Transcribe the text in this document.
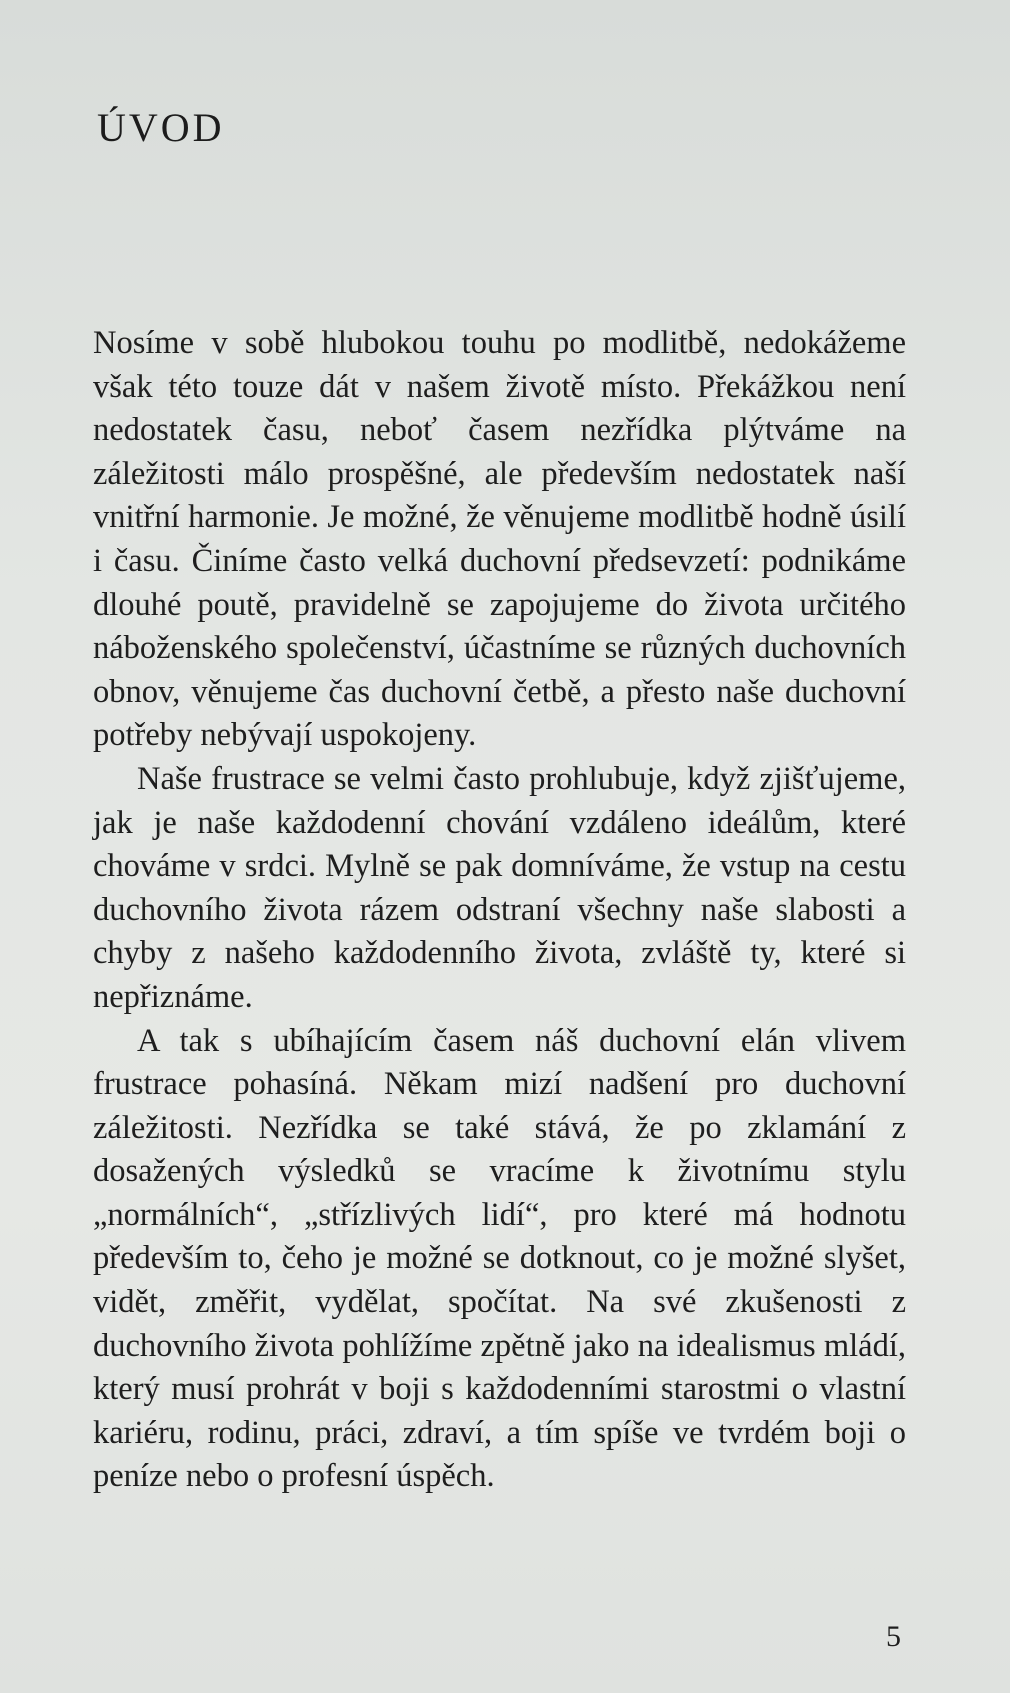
ÚVOD

Nosíme v sobě hlubokou touhu po modlitbě, nedokážeme však této touze dát v našem životě místo. Překážkou není nedostatek času, neboť časem nezřídka plýtváme na záležitosti málo prospěšné, ale především nedostatek naší vnitřní harmonie. Je možné, že věnujeme modlitbě hodně úsilí i času. Činíme často velká duchovní předsevzetí: podnikáme dlouhé poutě, pravidelně se zapojujeme do života určitého náboženského společenství, účastníme se různých duchovních obnov, věnujeme čas duchovní četbě, a přesto naše duchovní potřeby nebývají uspokojeny.

Naše frustrace se velmi často prohlubuje, když zjišťujeme, jak je naše každodenní chování vzdáleno ideálům, které chováme v srdci. Mylně se pak domníváme, že vstup na cestu duchovního života rázem odstraní všechny naše slabosti a chyby z našeho každodenního života, zvláště ty, které si nepřiznáme.

A tak s ubíhajícím časem náš duchovní elán vlivem frustrace pohasíná. Někam mizí nadšení pro duchovní záležitosti. Nezřídka se také stává, že po zklamání z dosažených výsledků se vracíme k životnímu stylu „normálních“, „střízlivých lidí“, pro které má hodnotu především to, čeho je možné se dotknout, co je možné slyšet, vidět, změřit, vydělat, spočítat. Na své zkušenosti z duchovního života pohlížíme zpětně jako na idealismus mládí, který musí prohrát v boji s každodenními starostmi o vlastní kariéru, rodinu, práci, zdraví, a tím spíše ve tvrdém boji o peníze nebo o profesní úspěch.

5
